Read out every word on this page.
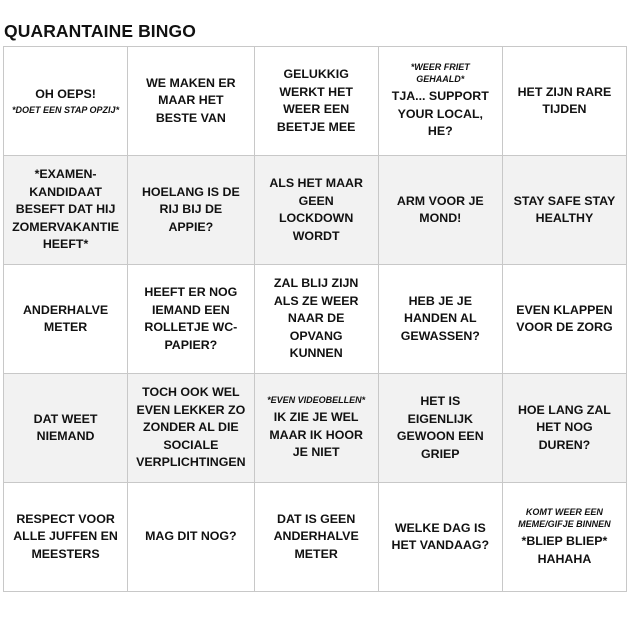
QUARANTAINE BINGO
OH OEPS!
*DOET EEN STAP OPZIJ*
WE MAKEN ER MAAR HET BESTE VAN
GELUKKIG WERKT HET WEER EEN BEETJE MEE
*WEER FRIET GEHAALD*
TJA... SUPPORT YOUR LOCAL, HE?
HET ZIJN RARE TIJDEN
*EXAMEN-KANDIDAAT BESEFT DAT HIJ ZOMERVAKANTIE HEEFT*
HOELANG IS DE RIJ BIJ DE APPIE?
ALS HET MAAR GEEN LOCKDOWN WORDT
ARM VOOR JE MOND!
STAY SAFE STAY HEALTHY
ANDERHALVE METER
HEEFT ER NOG IEMAND EEN ROLLETJE WC-PAPIER?
ZAL BLIJ ZIJN ALS ZE WEER NAAR DE OPVANG KUNNEN
HEB JE JE HANDEN AL GEWASSEN?
EVEN KLAPPEN VOOR DE ZORG
DAT WEET NIEMAND
TOCH OOK WEL EVEN LEKKER ZO ZONDER AL DIE SOCIALE VERPLICHTINGEN
*EVEN VIDEOBELLEN*
IK ZIE JE WEL MAAR IK HOOR JE NIET
HET IS EIGENLIJK GEWOON EEN GRIEP
HOE LANG ZAL HET NOG DUREN?
RESPECT VOOR ALLE JUFFEN EN MEESTERS
MAG DIT NOG?
DAT IS GEEN ANDERHALVE METER
WELKE DAG IS HET VANDAAG?
KOMT WEER EEN MEME/GIFJE BINNEN
*BLIEP BLIEP* HAHAHA
